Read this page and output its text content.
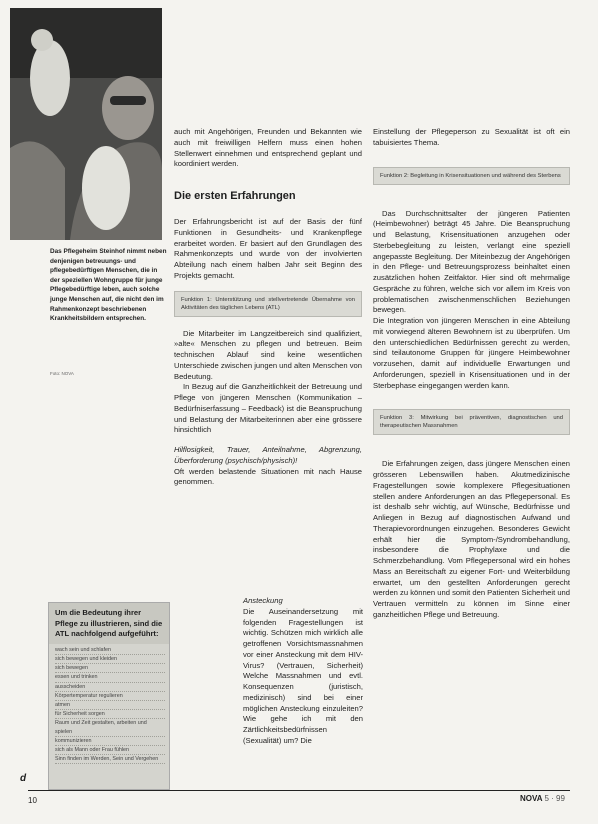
Das Pflegeheim Steinhof nimmt neben denjenigen betreuungs- und pflegebedürftigen Menschen, die in der speziellen Wohngruppe für junge Pflegebedürftige leben, auch solche junge Menschen auf, die nicht den im Rahmenkonzept beschriebenen Krankheitsbildern entsprechen.
Foto: NOVA

auch mit Angehörigen, Freunden und Bekannten wie auch mit freiwilligen Helfern muss einen hohen Stellenwert einnehmen und entsprechend geplant und koordiniert werden.

Die ersten Erfahrungen

Der Erfahrungsbericht ist auf der Basis der fünf Funktionen in Gesundheits- und Krankenpflege erarbeitet worden. Er basiert auf den Grundlagen des Rahmenkonzepts und wurde von der involvierten Abteilung nach einem halben Jahr seit Beginn des Projekts gemacht.

Funktion 1: Unterstützung und stellvertretende Übernahme von Aktivitäten des täglichen Lebens (ATL)

Die Mitarbeiter im Langzeitbereich sind qualifiziert, »alte« Menschen zu pflegen und betreuen. Beim technischen Ablauf sind keine wesentlichen Unterschiede zwischen jungen und alten Menschen von Bedeutung.

In Bezug auf die Ganzheitlichkeit der Betreuung und Pflege von jüngeren Menschen (Kommunikation – Bedürfniserfassung – Feedback) ist die Beanspruchung und Belastung der Mitarbeiterinnen aber eine grössere hinsichtlich

Hilflosigkeit, Trauer, Anteilnahme, Abgrenzung, Überforderung (psychisch/physisch)!

Oft werden belastende Situationen mit nach Hause genommen.

Ansteckung

Die Auseinandersetzung mit folgenden Fragestellungen ist wichtig. Schützen mich wirklich alle getroffenen Vorsichtsmassnahmen vor einer Ansteckung mit dem HIV-Virus? (Vertrauen, Sicherheit) Welche Massnahmen und evtl. Konsequenzen (juristisch, medizinisch) sind bei einer möglichen Ansteckung einzuleiten? Wie gehe ich mit den Zärtlichkeitsbedürfnissen (Sexualität) um? Die

Einstellung der Pflegeperson zu Sexualität ist oft ein tabuisiertes Thema.

Funktion 2: Begleitung in Krisensituationen und während des Sterbens

Das Durchschnittsalter der jüngeren Patienten (Heimbewohner) beträgt 45 Jahre. Die Beanspruchung und Belastung, Krisensituationen anzugehen oder Sterbebegleitung zu leisten, verlangt eine speziell angepasste Begleitung. Der Miteinbezug der Angehörigen in den Pflege- und Betreuungsprozess beinhaltet einen zusätzlichen hohen Zeitfaktor. Hier sind oft mehrmalige Gespräche zu führen, welche sich vor allem im Kreis von problematischen zwischenmenschlichen Beziehungen bewegen.

Die Integration von jüngeren Menschen in eine Abteilung mit vorwiegend älteren Bewohnern ist zu überprüfen. Um den unterschiedlichen Bedürfnissen gerecht zu werden, sind teilautonome Gruppen für jüngere Heimbewohner vorzusehen, damit auf individuelle Erwartungen und Anforderungen, speziell in Krisensituationen und in der Sterbephase eingegangen werden kann.

Funktion 3: Mitwirkung bei präventiven, diagnostischen und therapeutischen Massnahmen

Die Erfahrungen zeigen, dass jüngere Menschen einen grösseren Lebenswillen haben. Akutmedizinische Fragestellungen sowie komplexere Pflegesituationen stellen andere Anforderungen an das Pflegepersonal. Es ist deshalb sehr wichtig, auf Wünsche, Bedürfnisse und Anliegen in Bezug auf diagnostischen Aufwand und Therapievorordnungen einzugehen. Besonderes Gewicht erhält hier die Symptom-/Syndrombehandlung, insbesondere die Prophylaxe und die Schmerzbehandlung. Vom Pflegepersonal wird ein hohes Mass an Bereitschaft zu eigener Fort- und Weiterbildung erwartet, um den gestellten Anforderungen gerecht werden zu können und somit den Patienten Sicherheit und Vertrauen vermitteln zu können im Sinne einer ganzheitlichen Pflege und Betreuung.

Um die Bedeutung ihrer Pflege zu illustrieren, sind die ATL nachfolgend aufgeführt:
wach sein und schlafen
sich bewegen und kleiden
sich bewegen
essen und trinken
ausscheiden
Körpertemperatur regulieren
atmen
für Sicherheit sorgen
Raum und Zeit gestalten, arbeiten und spielen
kommunizieren
sich als Mann oder Frau fühlen
Sinn finden im Werden, Sein und Vergehen
d
10	NOVA 5 · 99
